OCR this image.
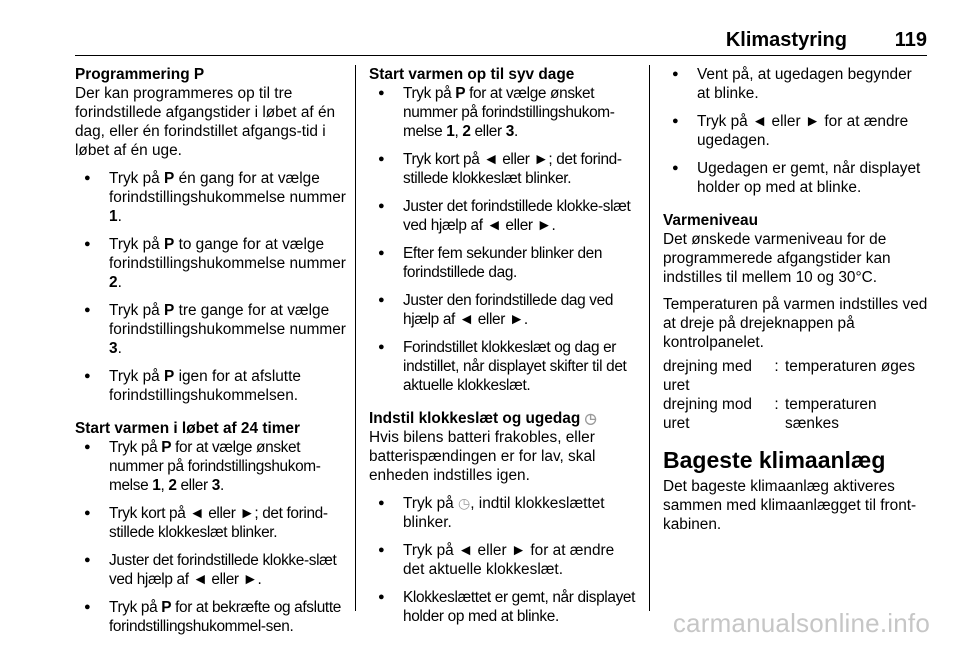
Klimastyring 119

Programmering P

Der kan programmeres op til tre forindstillede afgangstider i løbet af én dag, eller én forindstillet afgangs-tid i løbet af én uge.

● Tryk på P én gang for at vælge forindstillingshukommelse nummer 1.
● Tryk på P to gange for at vælge forindstillingshukommelse nummer 2.
● Tryk på P tre gange for at vælge forindstillingshukommelse nummer 3.
● Tryk på P igen for at afslutte forindstillingshukommelsen.

Start varmen i løbet af 24 timer

● Tryk på P for at vælge ønsket nummer på forindstillingshukom-melse 1, 2 eller 3.
● Tryk kort på ◄ eller ►; det forind-stillede klokkeslæt blinker.
● Juster det forindstillede klokke-slæt ved hjælp af ◄ eller ►.
● Tryk på P for at bekræfte og afslutte forindstillingshukommel-sen.

Start varmen op til syv dage

● Tryk på P for at vælge ønsket nummer på forindstillingshukom-melse 1, 2 eller 3.
● Tryk kort på ◄ eller ►; det forind-stillede klokkeslæt blinker.
● Juster det forindstillede klokke-slæt ved hjælp af ◄ eller ►.
● Efter fem sekunder blinker den forindstillede dag.
● Juster den forindstillede dag ved hjælp af ◄ eller ►.
● Forindstillet klokkeslæt og dag er indstillet, når displayet skifter til det aktuelle klokkeslæt.

Indstil klokkeslæt og ugedag ◷

Hvis bilens batteri frakobles, eller batterispændingen er for lav, skal enheden indstilles igen.

● Tryk på ◷, indtil klokkeslættet blinker.
● Tryk på ◄ eller ► for at ændre det aktuelle klokkeslæt.
● Klokkeslættet er gemt, når displayet holder op med at blinke.
● Vent på, at ugedagen begynder at blinke.
● Tryk på ◄ eller ► for at ændre ugedagen.
● Ugedagen er gemt, når displayet holder op med at blinke.

Varmeniveau

Det ønskede varmeniveau for de programmerede afgangstider kan indstilles til mellem 10 og 30°C.

Temperaturen på varmen indstilles ved at dreje på drejeknappen på kontrolpanelet.

drejning med uret	:	temperaturen øges
drejning mod uret	:	temperaturen sænkes
Bageste klimaanlæg

Det bageste klimaanlæg aktiveres sammen med klimaanlægget til front-kabinen.

carmanualsonline.info
